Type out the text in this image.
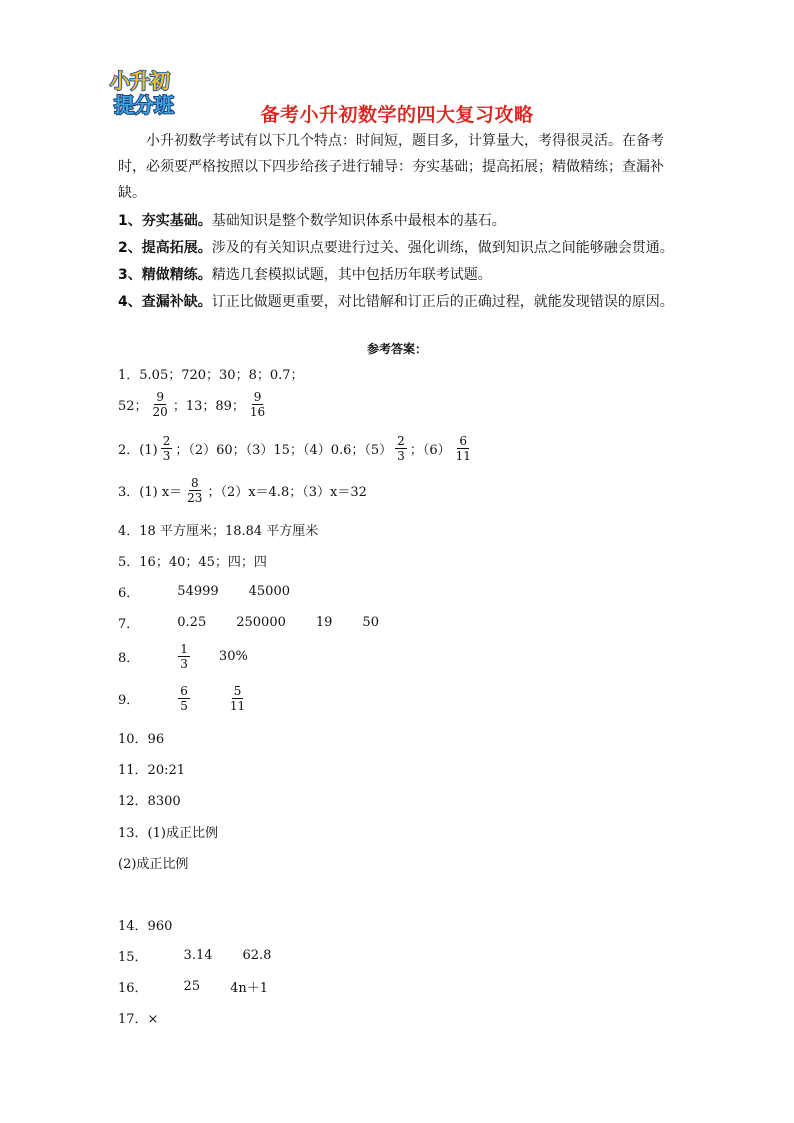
小升初
提分班	备考小升初数学的四大复习攻略
小升初数学考试有以下几个特点：时间短，题目多，计算量大，考得很灵活。在备考时，必须要严格按照以下四步给孩子进行辅导：夯实基础；提高拓展；精做精练；查漏补缺。
1、夯实基础。基础知识是整个数学知识体系中最根本的基石。
2、提高拓展。涉及的有关知识点要进行过关、强化训练，做到知识点之间能够融会贯通。
3、精做精练。精选几套模拟试题，其中包括历年联考试题。
4、查漏补缺。订正比做题更重要，对比错解和订正后的正确过程，就能发现错误的原因。
参考答案：
1．5.05；720；30；8；0.7；
52； $\frac{9}{20}$ ；13；89； $\frac{9}{16}$
2．$(1) \frac{2}{3}$ ；（2）60；（3）15；（4）0.6；$(5) \frac{2}{3}$ ；$(6) \frac{6}{11}$
3．(1) $x= \frac{8}{23}$ ；（2）x＝4.8；（3）x＝32
4．18 平方厘米；18.84 平方厘米
5．16；40；45；四；四
6．	54999 45000
7．	0.25 250000 19 50
8．	$\frac{1}{3} 30\%$
9．	$\frac{6}{5}$	$\frac{5}{11}$
10．96
11．20:21
12．8300
13．(1)成正比例
(2)成正比例
14．960
15．	3.14 62.8
16．	25 4n＋1
17．×
